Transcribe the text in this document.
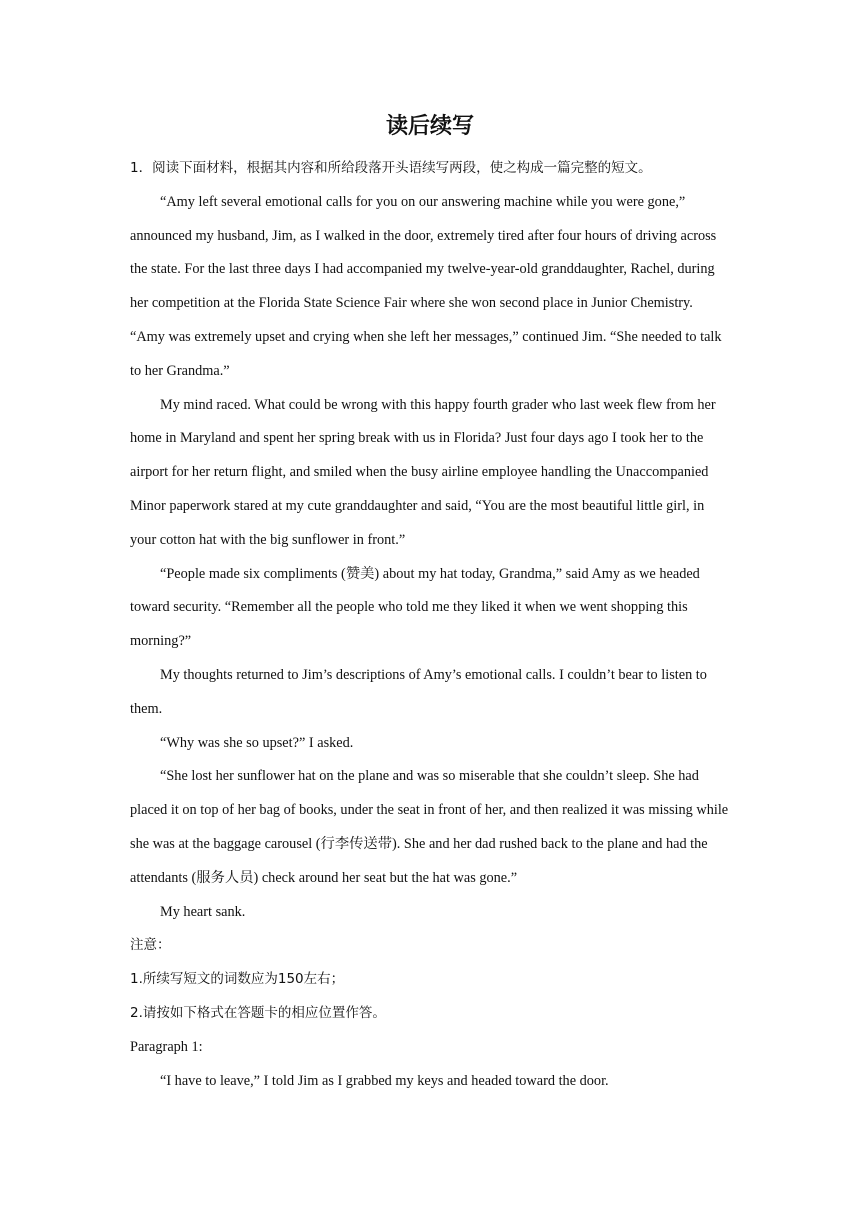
读后续写

1．阅读下面材料，根据其内容和所给段落开头语续写两段，使之构成一篇完整的短文。

“Amy left several emotional calls for you on our answering machine while you were gone,” announced my husband, Jim, as I walked in the door, extremely tired after four hours of driving across the state. For the last three days I had accompanied my twelve-year-old granddaughter, Rachel, during her competition at the Florida State Science Fair where she won second place in Junior Chemistry. “Amy was extremely upset and crying when she left her messages,” continued Jim. “She needed to talk to her Grandma.”

My mind raced. What could be wrong with this happy fourth grader who last week flew from her home in Maryland and spent her spring break with us in Florida? Just four days ago I took her to the airport for her return flight, and smiled when the busy airline employee handling the Unaccompanied Minor paperwork stared at my cute granddaughter and said, “You are the most beautiful little girl, in your cotton hat with the big sunflower in front.”

“People made six compliments (赞美) about my hat today, Grandma,” said Amy as we headed toward security. “Remember all the people who told me they liked it when we went shopping this morning?”

My thoughts returned to Jim’s descriptions of Amy’s emotional calls. I couldn’t bear to listen to them.

“Why was she so upset?” I asked.

“She lost her sunflower hat on the plane and was so miserable that she couldn’t sleep. She had placed it on top of her bag of books, under the seat in front of her, and then realized it was missing while she was at the baggage carousel (行李传送带). She and her dad rushed back to the plane and had the attendants (服务人员) check around her seat but the hat was gone.”

My heart sank.

注意：

1.所续写短文的词数应为150左右；

2.请按如下格式在答题卡的相应位置作答。

Paragraph 1:

“I have to leave,” I told Jim as I grabbed my keys and headed toward the door.
